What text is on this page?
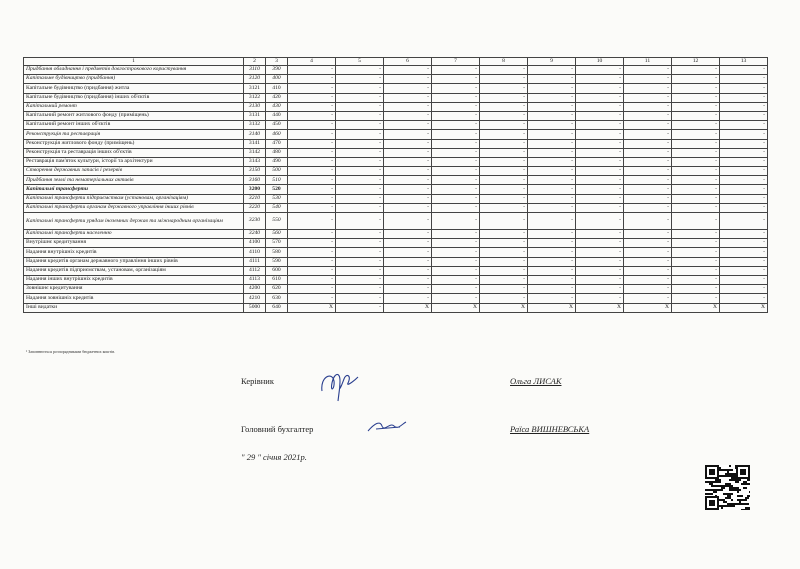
1	2	3	4	5	6	7	8	9	10	11	12	13
Придбання обладнання і предметів довгострокового користування	3110	390	-	-	-	-	-	-	-	-	-	-
Капітальне будівництво (придбання)	3120	400	-	-	-	-	-	-	-	-	-	-
Капітальне будівництво (придбання) житла	3121	410	-	-	-	-	-	-	-	-	-	-
Капітальне будівництво (придбання) інших об'єктів	3122	420	-	-	-	-	-	-	-	-	-	-
Капітальний ремонт	3130	430	-	-	-	-	-	-	-	-	-	-
Капітальний ремонт житлового фонду (приміщень)	3131	440	-	-	-	-	-	-	-	-	-	-
Капітальний ремонт інших об'єктів	3132	450	-	-	-	-	-	-	-	-	-	-
Реконструкція та реставрація	3140	460	-	-	-	-	-	-	-	-	-	-
Реконструкція житлового фонду (приміщень)	3141	470	-	-	-	-	-	-	-	-	-	-
Реконструкція та реставрація інших об'єктів	3142	480	-	-	-	-	-	-	-	-	-	-
Реставрація пам'яток культури, історії та архітектури	3143	490	-	-	-	-	-	-	-	-	-	-
Створення державних запасів і резервів	3150	500	-	-	-	-	-	-	-	-	-	-
Придбання землі та нематеріальних активів	3160	510	-	-	-	-	-	-	-	-	-	-
Капітальні трансферти	3200	520	-	-	-	-	-	-	-	-	-	-
Капітальні трансферти підприємствам (установам, організаціям)	3210	530	-	-	-	-	-	-	-	-	-	-
Капітальні трансферти органам державного управління інших рівнів	3220	540	-	-	-	-	-	-	-	-	-	-
Капітальні трансферти урядам іноземних держав та міжнародним організаціям	3230	550	-	-	-	-	-	-	-	-	-	-
Капітальні трансферти населенню	3240	560	-	-	-	-	-	-	-	-	-	-
Внутрішнє кредитування	4100	570	-	-	-	-	-	-	-	-	-	-
Надання внутрішніх кредитів	4110	580	-	-	-	-	-	-	-	-	-	-
Надання кредитів органам державного управління інших рівнів	4111	590	-	-	-	-	-	-	-	-	-	-
Надання кредитів підприємствам, установам, організаціям	4112	600	-	-	-	-	-	-	-	-	-	-
Надання інших внутрішніх кредитів	4113	610	-	-	-	-	-	-	-	-	-	-
Зовнішнє кредитування	4200	620	-	-	-	-	-	-	-	-	-	-
Надання зовнішніх кредитів	4210	630	-	-	-	-	-	-	-	-	-	-
Інші видатки	5000	640	X	-	X	X	X	X	X	X	X	X
¹ Заповнюється розпорядниками бюджетних коштів.
Керівник	Ольга ЛИСАК
Головний бухгалтер	Раїса ВИШНЕВСЬКА
" 29 " січня 2021р.
